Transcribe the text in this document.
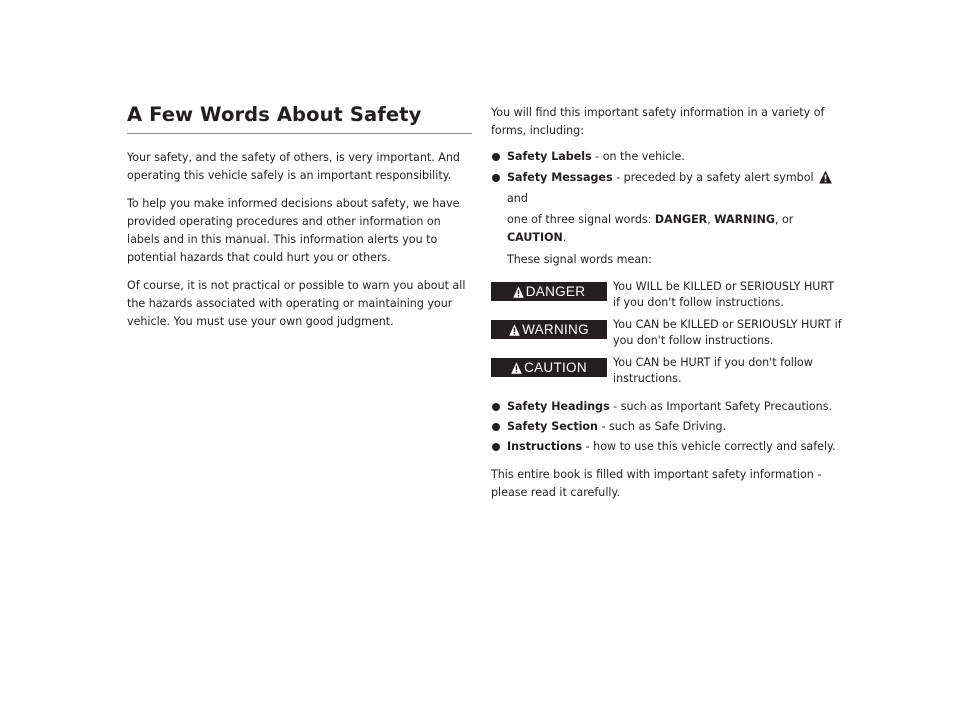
A Few Words About Safety

Your safety, and the safety of others, is very important. And operating this vehicle safely is an important responsibility.

To help you make informed decisions about safety, we have provided operating procedures and other information on labels and in this manual. This information alerts you to potential hazards that could hurt you or others.

Of course, it is not practical or possible to warn you about all the hazards associated with operating or maintaining your vehicle. You must use your own good judgment.

You will find this important safety information in a variety of forms, including:

Safety Labels - on the vehicle.
Safety Messages - preceded by a safety alert symbol  and
one of three signal words: DANGER, WARNING, or CAUTION.
These signal words mean:
DANGER You WILL be KILLED or SERIOUSLY HURT if you don't follow instructions.
WARNING You CAN be KILLED or SERIOUSLY HURT if you don't follow instructions.
CAUTION You CAN be HURT if you don't follow instructions.
Safety Headings - such as Important Safety Precautions.
Safety Section - such as Safe Driving.
Instructions - how to use this vehicle correctly and safely.

This entire book is filled with important safety information - please read it carefully.
